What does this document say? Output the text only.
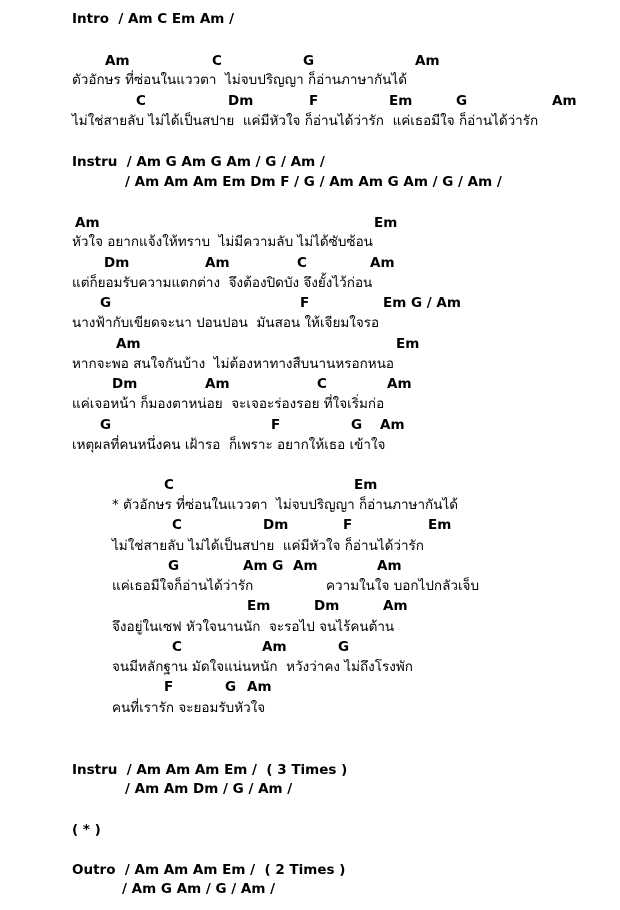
Intro  / Am C Em Am /
Am	C	G	Am
ตัวอักษร ที่ซ่อนในแววตา  ไม่จบปริญญา ก็อ่านภาษากันได้
C	Dm	F	Em	G	Am
ไม่ใช่สายลับ ไม่ได้เป็นสปาย  แค่มีหัวใจ ก็อ่านได้ว่ารัก  แค่เธอมีใจ ก็อ่านได้ว่ารัก
Instru  / Am G Am G Am / G / Am /
/ Am Am Am Em Dm F / G / Am Am G Am / G / Am /
Am	Em
หัวใจ อยากแจ้งให้ทราบ  ไม่มีความลับ ไม่ได้ซับซ้อน
Dm	Am	C	Am
แต่ก็ยอมรับความแตกต่าง  จึงต้องปิดบัง จึงยั้งไว้ก่อน
G	F	Em G / Am
นางฟ้ากับเขียดจะนา ปอนปอน  มันสอน ให้เจียมใจรอ
Am	Em
หากจะพอ สนใจกันบ้าง  ไม่ต้องหาทางสืบนานหรอกหนอ
Dm	Am	C	Am
แค่เจอหน้า ก็มองตาหน่อย  จะเจอะร่องรอย ที่ใจเริ่มก่อ
G	F	G Am
เหตุผลที่คนหนึ่งคน เฝ้ารอ  ก็เพราะ อยากให้เธอ เข้าใจ
C	Em
* ตัวอักษร ที่ซ่อนในแววตา  ไม่จบปริญญา ก็อ่านภาษากันได้
C	Dm	F	Em
ไม่ใช่สายลับ ไม่ได้เป็นสปาย  แค่มีหัวใจ ก็อ่านได้ว่ารัก
G	Am G Am	Am
แค่เธอมีใจก็อ่านได้ว่ารัก	ความในใจ บอกไปกลัวเจ็บ
Em	Dm	Am
จึงอยู่ในเซฟ หัวใจนานนัก  จะรอไป จนไร้คนต้าน
C	Am	G
จนมีหลักฐาน มัดใจแน่นหนัก  หวังว่าคง ไม่ถึงโรงพัก
F	G Am
คนที่เรารัก จะยอมรับหัวใจ
Instru  / Am Am Am Em /  ( 3 Times )
/ Am Am Dm / G / Am /
( * )
Outro  / Am Am Am Em /  ( 2 Times )
/ Am G Am / G / Am /
